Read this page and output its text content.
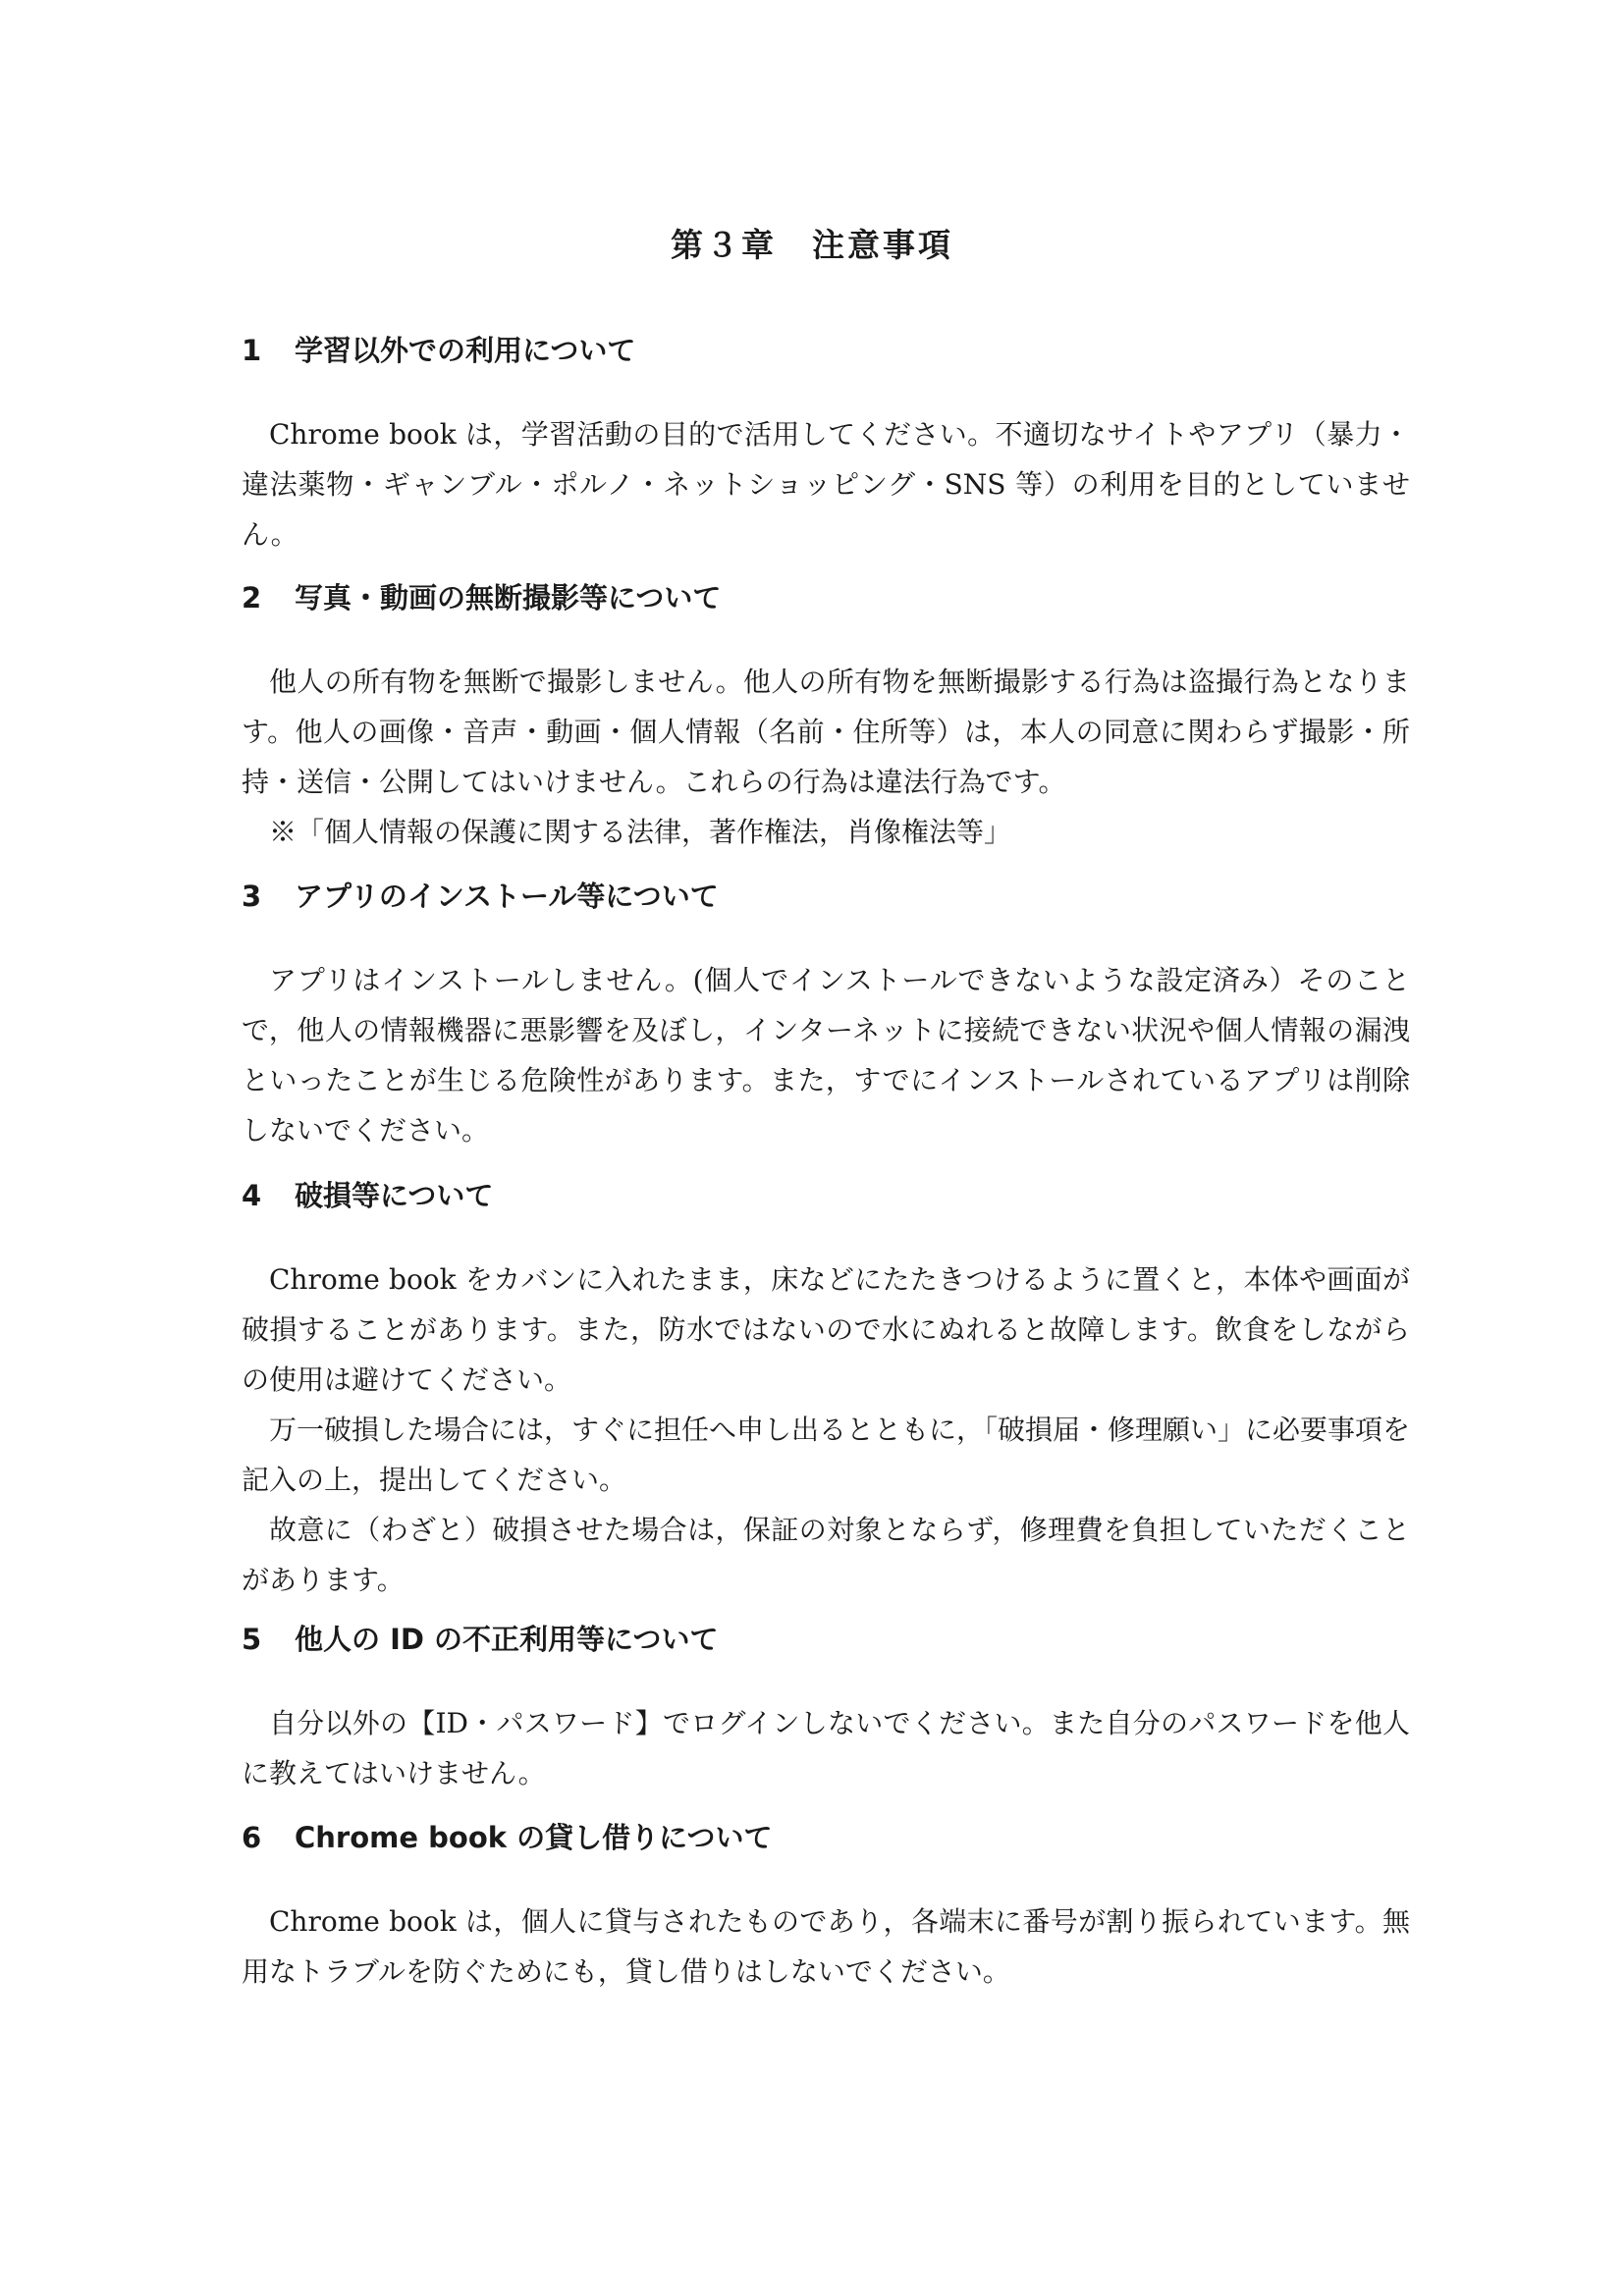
第３章　注意事項
1	学習以外での利用について

Chrome book は，学習活動の目的で活用してください。不適切なサイトやアプリ（暴力・違法薬物・ギャンブル・ポルノ・ネットショッピング・SNS 等）の利用を目的としていません。

2	写真・動画の無断撮影等について

他人の所有物を無断で撮影しません。他人の所有物を無断撮影する行為は盗撮行為となります。他人の画像・音声・動画・個人情報（名前・住所等）は，本人の同意に関わらず撮影・所持・送信・公開してはいけません。これらの行為は違法行為です。

※「個人情報の保護に関する法律，著作権法，肖像権法等」

3	アプリのインストール等について

アプリはインストールしません。(個人でインストールできないような設定済み）そのことで，他人の情報機器に悪影響を及ぼし，インターネットに接続できない状況や個人情報の漏洩といったことが生じる危険性があります。また，すでにインストールされているアプリは削除しないでください。

4	破損等について

Chrome book をカバンに入れたまま，床などにたたきつけるように置くと，本体や画面が破損することがあります。また，防水ではないので水にぬれると故障します。飲食をしながらの使用は避けてください。

万一破損した場合には，すぐに担任へ申し出るとともに，「破損届・修理願い」に必要事項を記入の上，提出してください。

故意に（わざと）破損させた場合は，保証の対象とならず，修理費を負担していただくことがあります。

5	他人の ID の不正利用等について

自分以外の【ID・パスワード】でログインしないでください。また自分のパスワードを他人に教えてはいけません。

6	Chrome book の貸し借りについて

Chrome book は，個人に貸与されたものであり，各端末に番号が割り振られています。無用なトラブルを防ぐためにも，貸し借りはしないでください。
